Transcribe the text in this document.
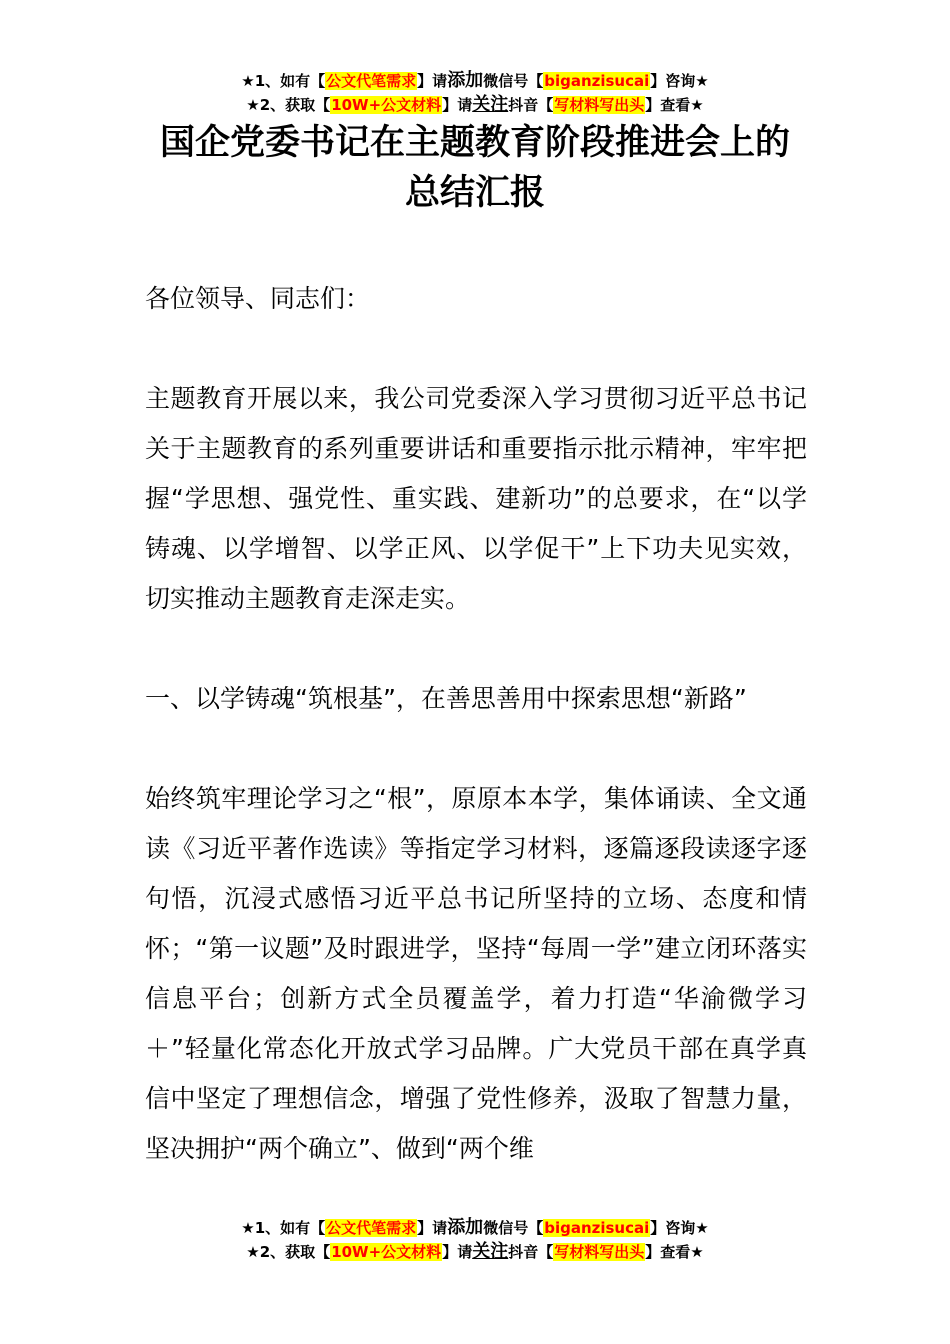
★1、如有【公文代笔需求】请添加微信号【biganzisucai】咨询★
★2、获取【10W+公文材料】请关注抖音【写材料写出头】查看★
国企党委书记在主题教育阶段推进会上的
总结汇报

各位领导、同志们：

主题教育开展以来，我公司党委深入学习贯彻习近平总书记关于主题教育的系列重要讲话和重要指示批示精神，牢牢把握“学思想、强党性、重实践、建新功”的总要求，在“以学铸魂、以学增智、以学正风、以学促干”上下功夫见实效，切实推动主题教育走深走实。

一、以学铸魂“筑根基”，在善思善用中探索思想“新路”

始终筑牢理论学习之“根”，原原本本学，集体诵读、全文通读《习近平著作选读》等指定学习材料，逐篇逐段读逐字逐句悟，沉浸式感悟习近平总书记所坚持的立场、态度和情怀；“第一议题”及时跟进学，坚持“每周一学”建立闭环落实信息平台；创新方式全员覆盖学，着力打造“华渝微学习＋”轻量化常态化开放式学习品牌。广大党员干部在真学真信中坚定了理想信念，增强了党性修养，汲取了智慧力量，坚决拥护“两个确立”、做到“两个维

★1、如有【公文代笔需求】请添加微信号【biganzisucai】咨询★
★2、获取【10W+公文材料】请关注抖音【写材料写出头】查看★
